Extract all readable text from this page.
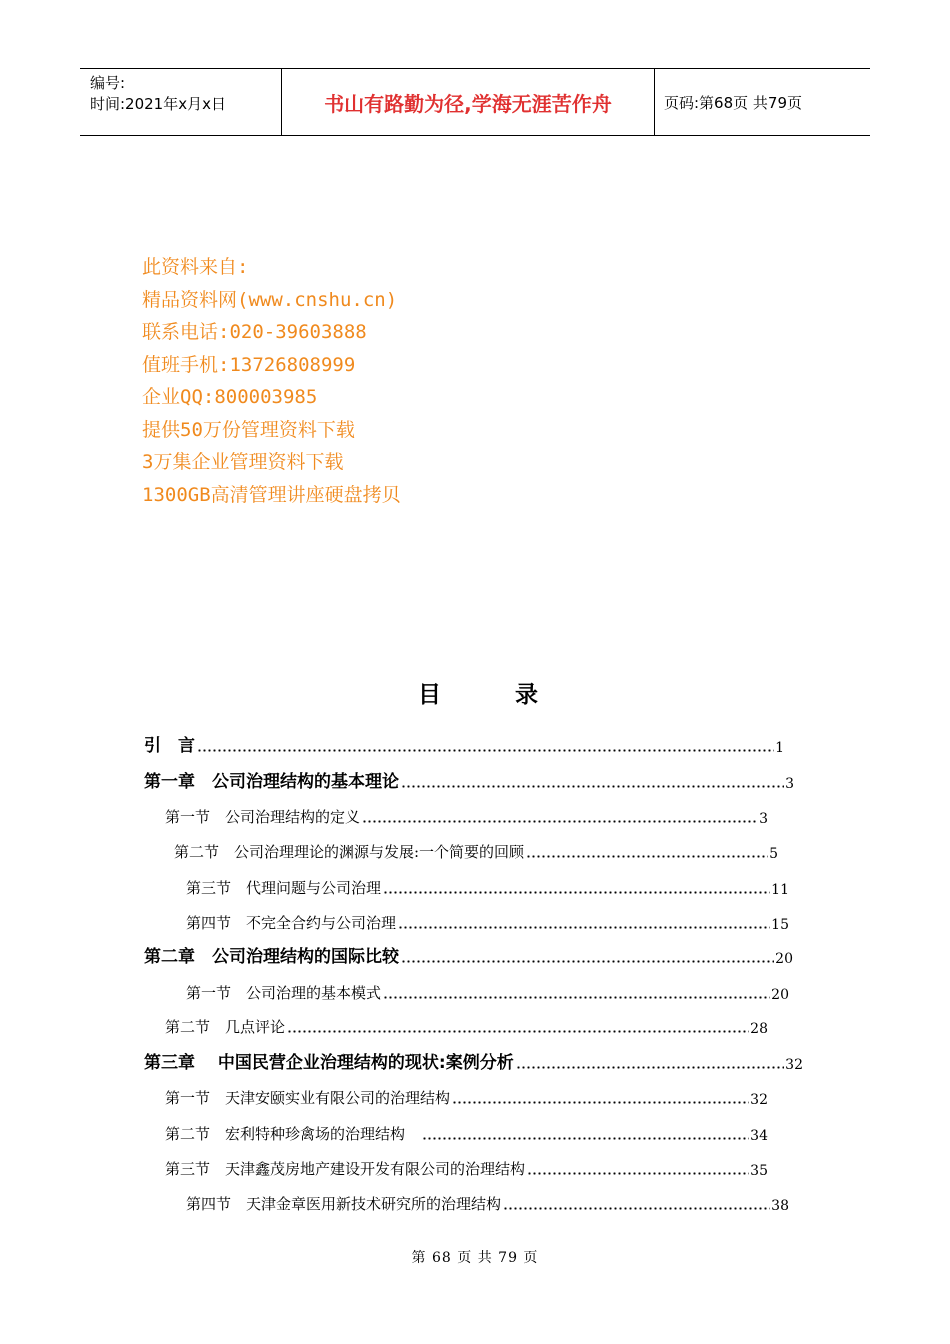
编号:
时间:2021年x月x日	书山有路勤为径,学海无涯苦作舟	页码:第68页 共79页
此资料来自:
精品资料网(www.cnshu.cn)
联系电话:020-39603888
值班手机:13726808999
企业QQ:800003985
提供50万份管理资料下载
3万集企业管理资料下载
1300GB高清管理讲座硬盘拷贝
目	录
引　言	1
第一章　公司治理结构的基本理论	3
第一节　公司治理结构的定义	3
第二节　公司治理理论的渊源与发展:一个简要的回顾	5
第三节　代理问题与公司治理	11
第四节　不完全合约与公司治理	15
第二章　公司治理结构的国际比较	20
第一节　公司治理的基本模式	20
第二节　几点评论	28
第三章　 中国民营企业治理结构的现状:案例分析	32
第一节　天津安颐实业有限公司的治理结构	32
第二节　宏利特种珍禽场的治理结构　	34
第三节　天津鑫茂房地产建设开发有限公司的治理结构	35
第四节　天津金章医用新技术研究所的治理结构	38
第 68 页 共 79 页
